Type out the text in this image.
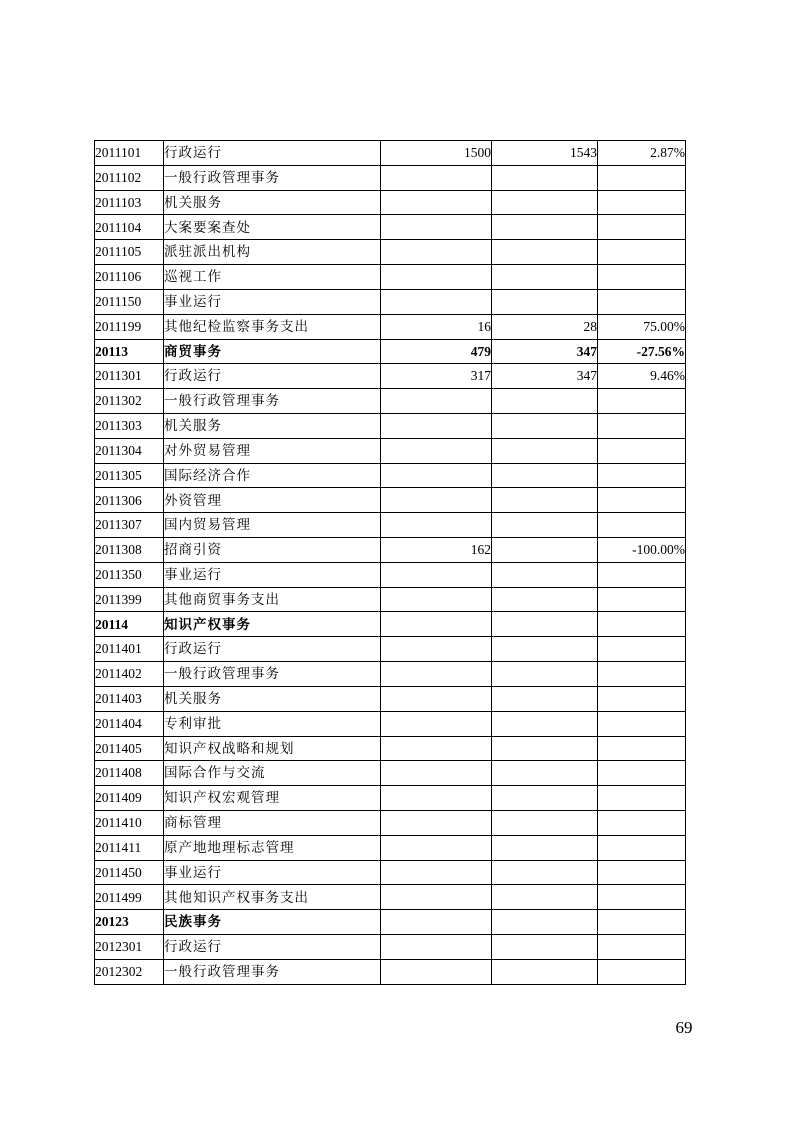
2011101	行政运行	1500	1543	2.87%
2011102	一般行政管理事务			
2011103	机关服务			
2011104	大案要案查处			
2011105	派驻派出机构			
2011106	巡视工作			
2011150	事业运行			
2011199	其他纪检监察事务支出	16	28	75.00%
20113	商贸事务	479	347	-27.56%
2011301	行政运行	317	347	9.46%
2011302	一般行政管理事务			
2011303	机关服务			
2011304	对外贸易管理			
2011305	国际经济合作			
2011306	外资管理			
2011307	国内贸易管理			
2011308	招商引资	162		-100.00%
2011350	事业运行			
2011399	其他商贸事务支出			
20114	知识产权事务			
2011401	行政运行			
2011402	一般行政管理事务			
2011403	机关服务			
2011404	专利审批			
2011405	知识产权战略和规划			
2011408	国际合作与交流			
2011409	知识产权宏观管理			
2011410	商标管理			
2011411	原产地地理标志管理			
2011450	事业运行			
2011499	其他知识产权事务支出			
20123	民族事务			
2012301	行政运行			
2012302	一般行政管理事务			
69
